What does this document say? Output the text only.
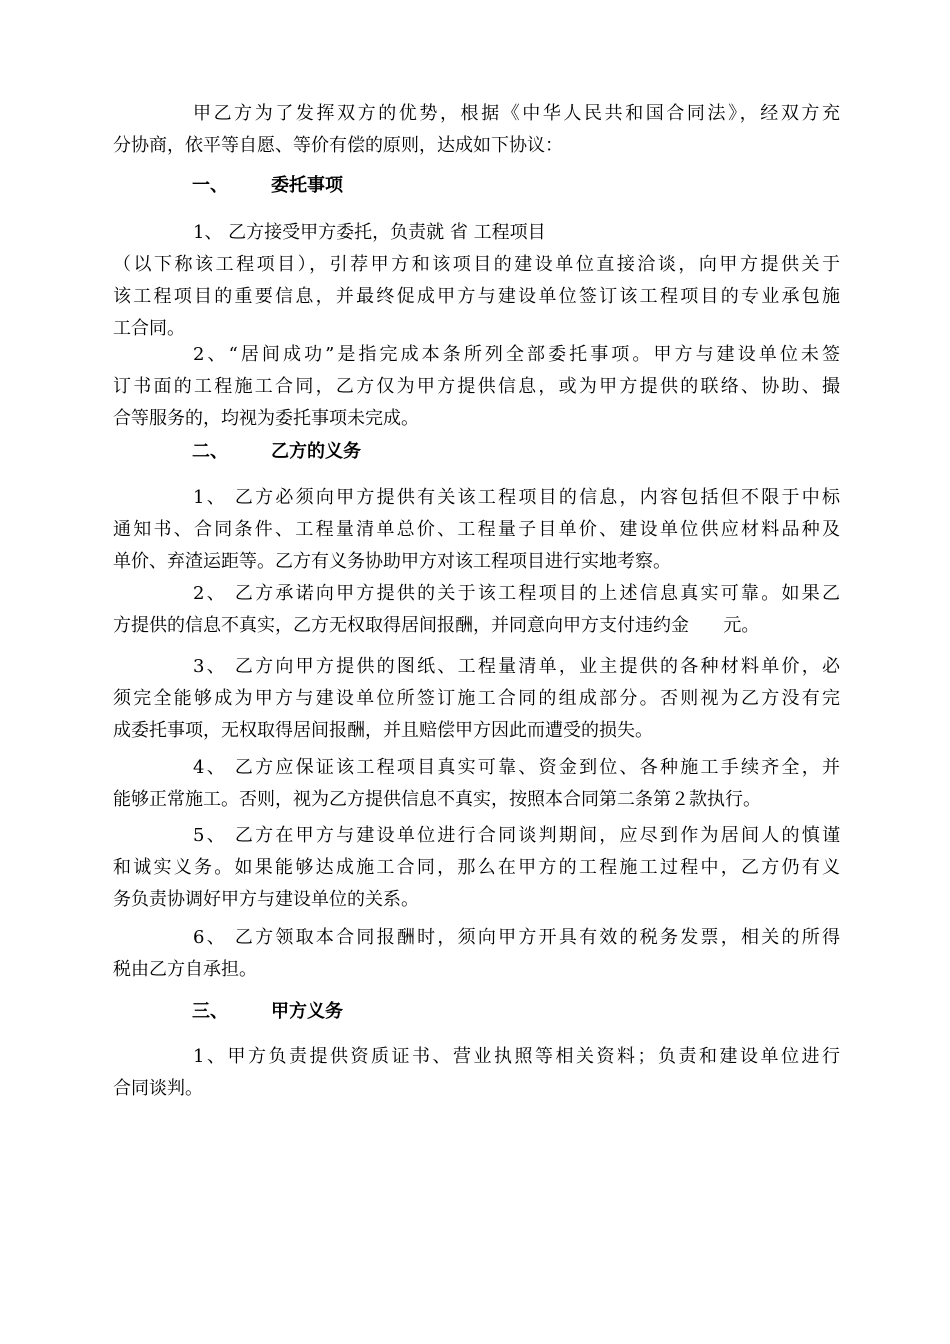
甲乙方为了发挥双方的优势，根据《中华人民共和国合同法》，经双方充
分协商，依平等自愿、等价有偿的原则，达成如下协议：
一、 委托事项
1、 乙方接受甲方委托，负责就 省 工程项目
（以下称该工程项目），引荐甲方和该项目的建设单位直接洽谈，向甲方提供关于
该工程项目的重要信息，并最终促成甲方与建设单位签订该工程项目的专业承包施
工合同。
2、“居间成功”是指完成本条所列全部委托事项。甲方与建设单位未签
订书面的工程施工合同，乙方仅为甲方提供信息，或为甲方提供的联络、协助、撮
合等服务的，均视为委托事项未完成。
二、 乙方的义务
1、 乙方必须向甲方提供有关该工程项目的信息，内容包括但不限于中标
通知书、合同条件、工程量清单总价、工程量子目单价、建设单位供应材料品种及
单价、弃渣运距等。乙方有义务协助甲方对该工程项目进行实地考察。
2、 乙方承诺向甲方提供的关于该工程项目的上述信息真实可靠。如果乙
方提供的信息不真实，乙方无权取得居间报酬，并同意向甲方支付违约金      元。
3、 乙方向甲方提供的图纸、工程量清单，业主提供的各种材料单价，必
须完全能够成为甲方与建设单位所签订施工合同的组成部分。否则视为乙方没有完
成委托事项，无权取得居间报酬，并且赔偿甲方因此而遭受的损失。
4、 乙方应保证该工程项目真实可靠、资金到位、各种施工手续齐全，并
能够正常施工。否则，视为乙方提供信息不真实，按照本合同第二条第２款执行。
5、 乙方在甲方与建设单位进行合同谈判期间，应尽到作为居间人的慎谨
和诚实义务。如果能够达成施工合同，那么在甲方的工程施工过程中，乙方仍有义
务负责协调好甲方与建设单位的关系。
6、 乙方领取本合同报酬时，须向甲方开具有效的税务发票，相关的所得
税由乙方自承担。
三、 甲方义务
1、甲方负责提供资质证书、营业执照等相关资料；负责和建设单位进行
合同谈判。
